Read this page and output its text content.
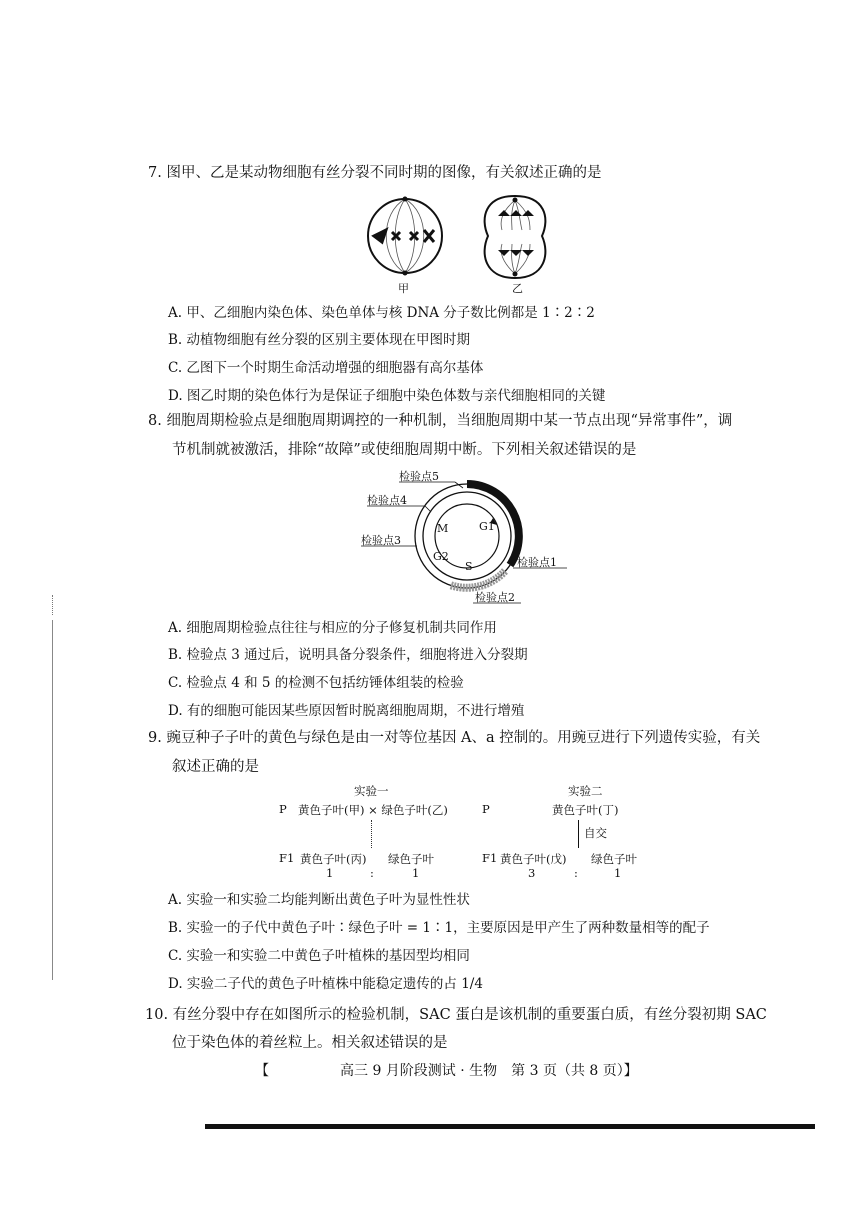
7. 图甲、乙是某动物细胞有丝分裂不同时期的图像，有关叙述正确的是
甲	乙
A. 甲、乙细胞内染色体、染色单体与核 DNA 分子数比例都是 1∶2∶2
B. 动植物细胞有丝分裂的区别主要体现在甲图时期
C. 乙图下一个时期生命活动增强的细胞器有高尔基体
D. 图乙时期的染色体行为是保证子细胞中染色体数与亲代细胞相同的关键
8. 细胞周期检验点是细胞周期调控的一种机制，当细胞周期中某一节点出现“异常事件”，调
节机制就被激活，排除“故障”或使细胞周期中断。下列相关叙述错误的是
M	G1
S
G2
检验点5
检验点4
检验点3
检验点1
检验点2
A. 细胞周期检验点往往与相应的分子修复机制共同作用
B. 检验点 3 通过后，说明具备分裂条件，细胞将进入分裂期
C. 检验点 4 和 5 的检测不包括纺锤体组装的检验
D. 有的细胞可能因某些原因暂时脱离细胞周期，不进行增殖
9. 豌豆种子子叶的黄色与绿色是由一对等位基因 A、a 控制的。用豌豆进行下列遗传实验，有关
叙述正确的是
实验一
P 黄色子叶(甲) × 绿色子叶(乙)
F1 黄色子叶(丙) 绿色子叶
1	:	1
实验二
P	黄色子叶(丁)
自交
F1 黄色子叶(戊) 绿色子叶
3	:	1
A. 实验一和实验二均能判断出黄色子叶为显性性状
B. 实验一的子代中黄色子叶∶绿色子叶 = 1∶1，主要原因是甲产生了两种数量相等的配子
C. 实验一和实验二中黄色子叶植株的基因型均相同
D. 实验二子代的黄色子叶植株中能稳定遗传的占 1/4
10. 有丝分裂中存在如图所示的检验机制，SAC 蛋白是该机制的重要蛋白质，有丝分裂初期 SAC
位于染色体的着丝粒上。相关叙述错误的是
【	高三 9 月阶段测试 · 生物　第 3 页（共 8 页）】
